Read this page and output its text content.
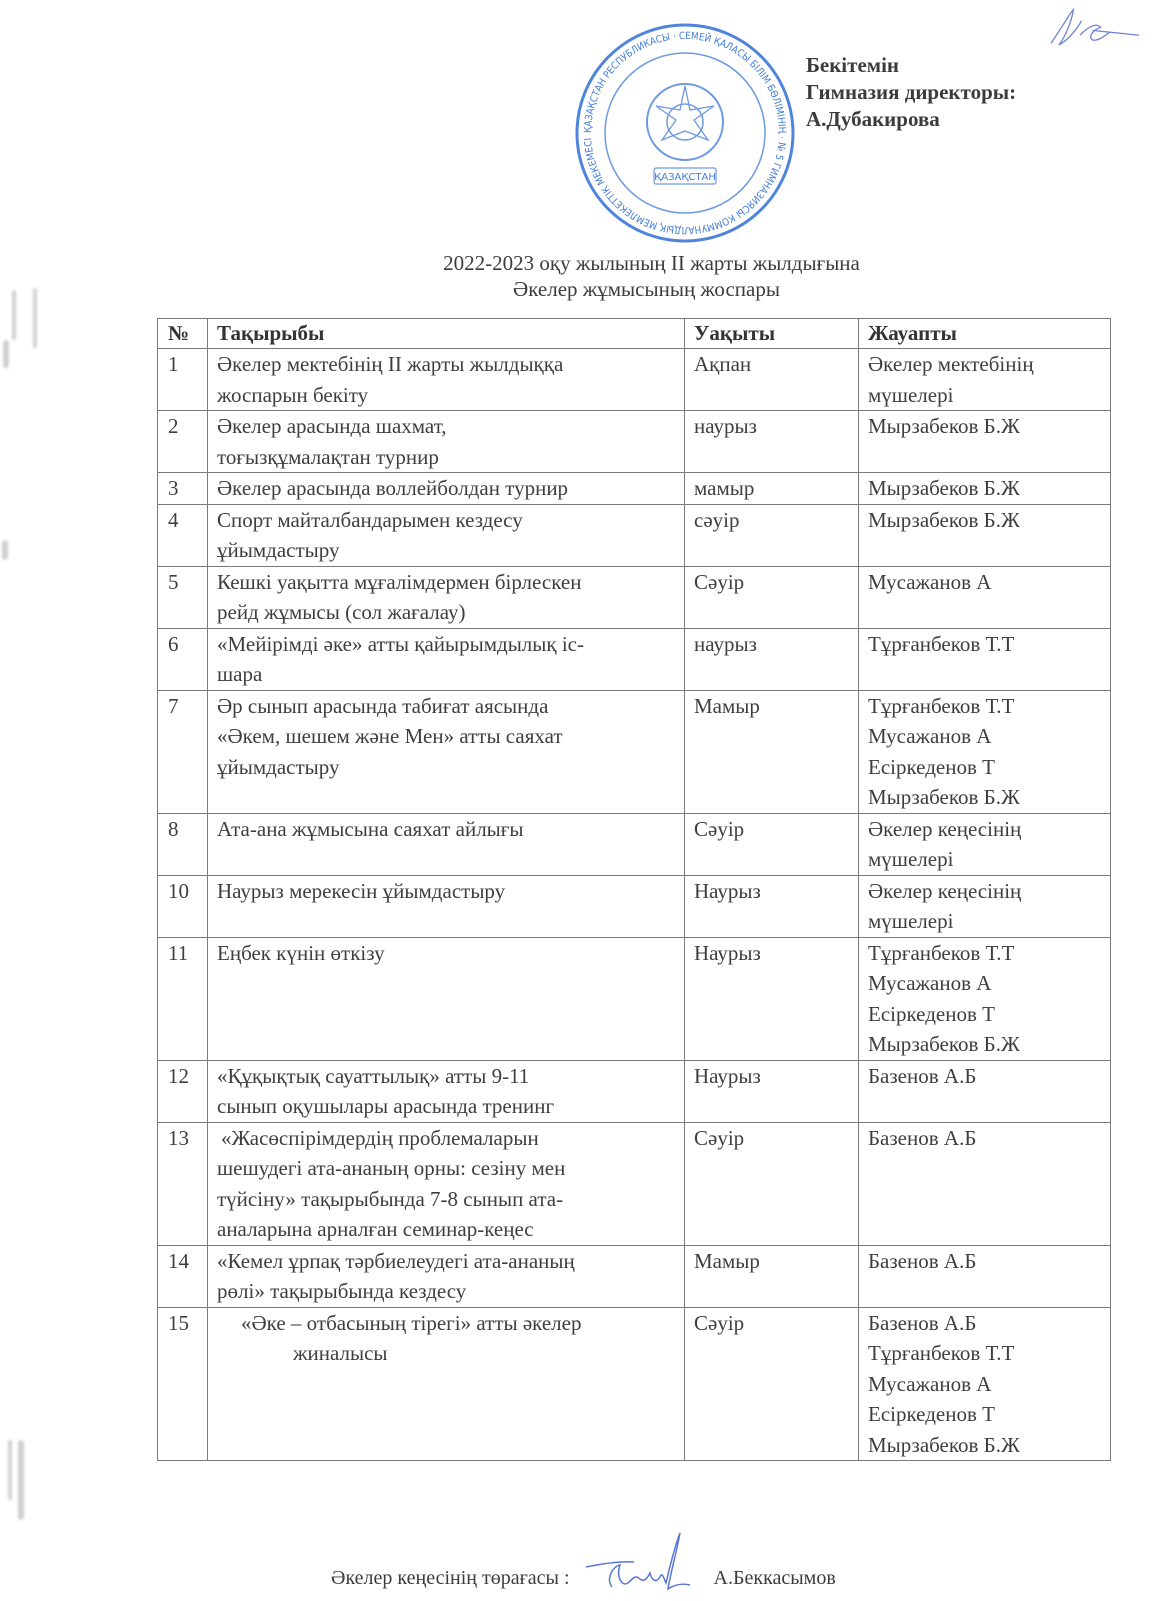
ҚАЗАҚСТАН РЕСПУБЛИКАСЫ · СЕМЕЙ ҚАЛАСЫ БІЛІМ БӨЛІМІНІҢ · № 5 ГИМНАЗИЯСЫ КОММУНАЛДЫҚ МЕМЛЕКЕТТІК МЕКЕМЕСІ
ҚАЗАҚСТАН
Бекітемін
Гимназия директоры:
А.Дубакирова
2022-2023 оқу жылының ІІ жарты жылдығына
Әкелер жұмысының жоспары
№	Тақырыбы	Уақыты	Жауапты
1	Әкелер мектебінің ІІ жарты жылдыққа
жоспарын бекіту	Ақпан	Әкелер мектебінің
мүшелері

2	Әкелер арасында шахмат,
тоғызқұмалақтан турнир	наурыз	Мырзабеков Б.Ж

3	Әкелер арасында воллейболдан турнир	мамыр	Мырзабеков Б.Ж

4	Спорт майталбандарымен кездесу
ұйымдастыру	сәуір	Мырзабеков Б.Ж

5	Кешкі уақытта мұғалімдермен бірлескен
рейд жұмысы (сол жағалау)	Сәуір	Мусажанов А

6	«Мейірімді әке» атты қайырымдылық іс-
шара	наурыз	Тұрғанбеков Т.Т

7	Әр сынып арасында табиғат аясында
«Әкем, шешем және Мен» атты саяхат
ұйымдастыру	Мамыр	Тұрғанбеков Т.Т
Мусажанов А
Есіркеденов Т
Мырзабеков Б.Ж

8	Ата-ана жұмысына саяхат айлығы	Сәуір	Әкелер кеңесінің
мүшелері

10	Наурыз мерекесін ұйымдастыру	Наурыз	Әкелер кеңесінің
мүшелері

11	Еңбек күнін өткізу	Наурыз	Тұрғанбеков Т.Т
Мусажанов А
Есіркеденов Т
Мырзабеков Б.Ж

12	«Құқықтық сауаттылық» атты 9-11
сынып оқушылары арасында тренинг	Наурыз	Базенов А.Б

13	«Жасөспірімдердің проблемаларын
шешудегі ата-ананың орны: сезіну мен
түйсіну» тақырыбында 7-8 сынып ата-
аналарына арналған семинар-кеңес	Сәуір	Базенов А.Б

14	«Кемел ұрпақ тәрбиелеудегі ата-ананың
рөлі» тақырыбында кездесу	Мамыр	Базенов А.Б

15	«Әке – отбасының тірегі» атты әкелер
жиналысы	Сәуір	Базенов А.Б
Тұрғанбеков Т.Т
Мусажанов А
Есіркеденов Т
Мырзабеков Б.Ж
Әкелер кеңесінің төрағасы :	А.Беккасымов
